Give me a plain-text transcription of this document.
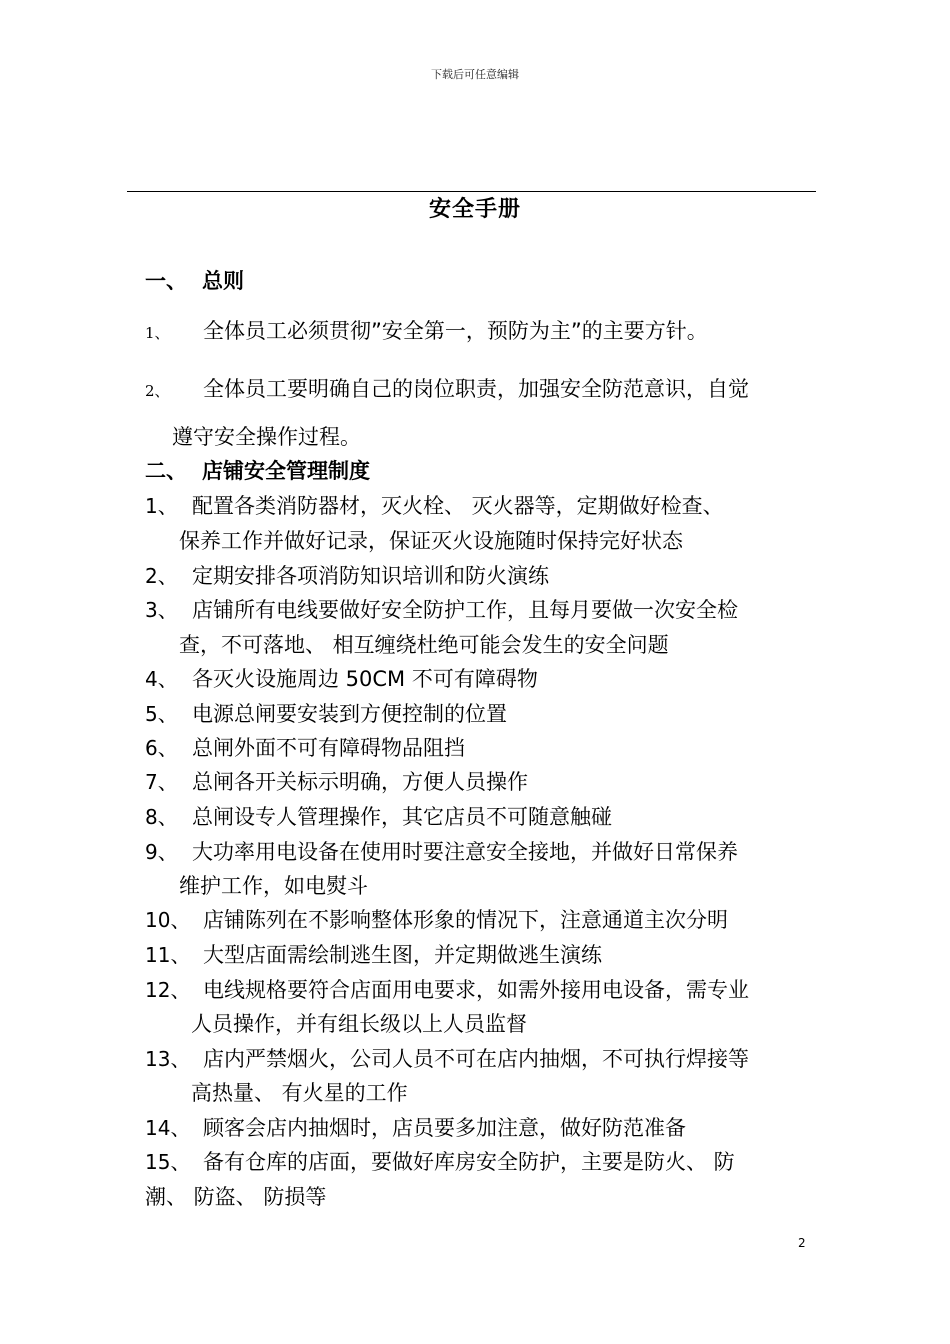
下载后可任意编辑
安全手册
一、 总则
1、 全体员工必须贯彻”安全第一，预防为主”的主要方针。
2、 全体员工要明确自己的岗位职责，加强安全防范意识，自觉
遵守安全操作过程。
二、 店铺安全管理制度
1、 配置各类消防器材，灭火栓、 灭火器等，定期做好检查、
保养工作并做好记录，保证灭火设施随时保持完好状态
2、 定期安排各项消防知识培训和防火演练
3、 店铺所有电线要做好安全防护工作，且每月要做一次安全检
查，不可落地、 相互缠绕杜绝可能会发生的安全问题
4、 各灭火设施周边 50CM 不可有障碍物
5、 电源总闸要安装到方便控制的位置
6、 总闸外面不可有障碍物品阻挡
7、 总闸各开关标示明确，方便人员操作
8、 总闸设专人管理操作，其它店员不可随意触碰
9、 大功率用电设备在使用时要注意安全接地，并做好日常保养
维护工作，如电熨斗
10、 店铺陈列在不影响整体形象的情况下，注意通道主次分明
11、 大型店面需绘制逃生图，并定期做逃生演练
12、 电线规格要符合店面用电要求，如需外接用电设备，需专业
人员操作，并有组长级以上人员监督
13、 店内严禁烟火，公司人员不可在店内抽烟，不可执行焊接等
高热量、 有火星的工作
14、 顾客会店内抽烟时，店员要多加注意，做好防范准备
15、 备有仓库的店面，要做好库房安全防护，主要是防火、 防
潮、 防盗、 防损等
2
